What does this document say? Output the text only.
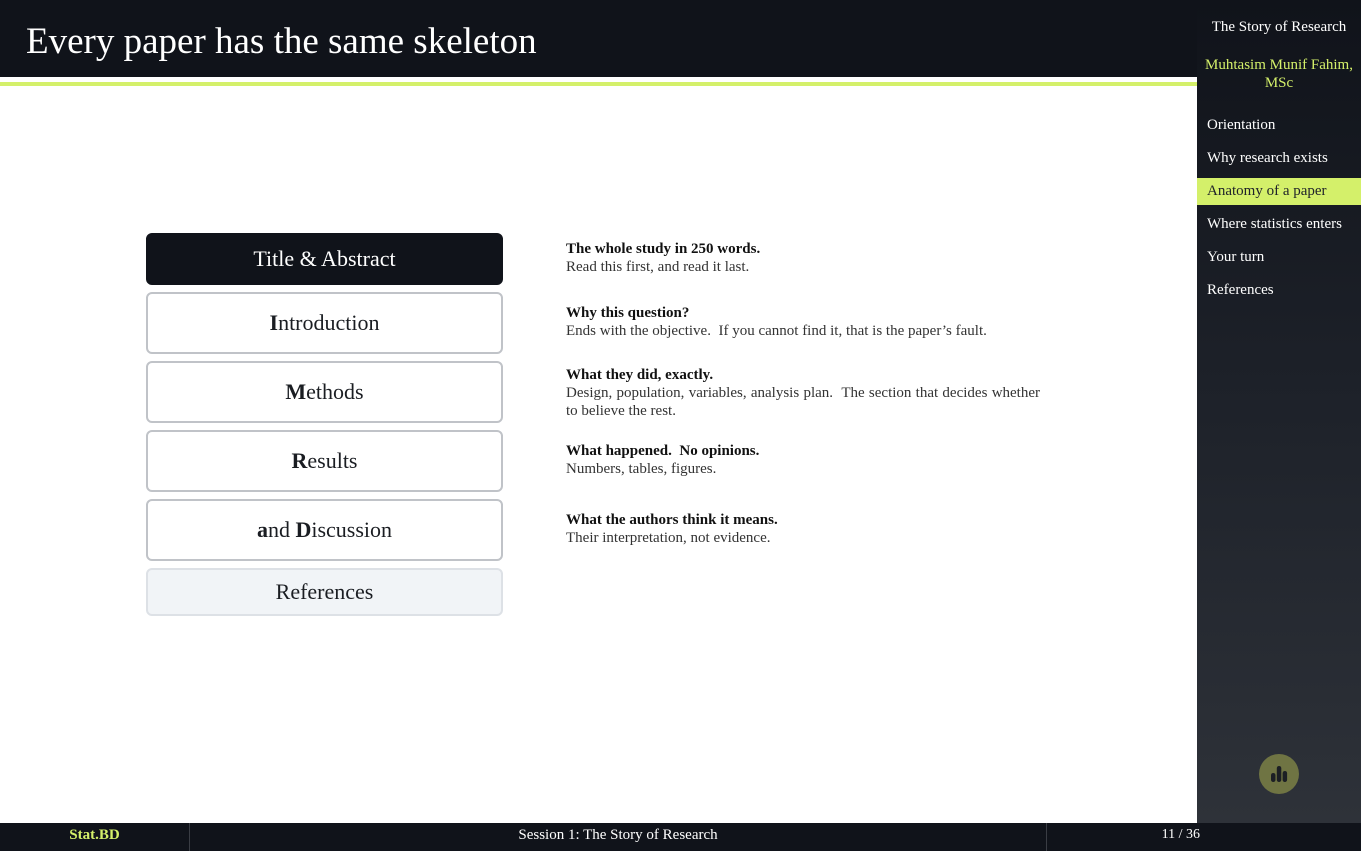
Every paper has the same skeleton
Title & Abstract
Introduction
Methods
Results
and Discussion
References
The whole study in 250 words.
Read this first, and read it last.
Why this question?
Ends with the objective.  If you cannot find it, that is the paper’s fault.
What they did, exactly.
Design, population, variables, analysis plan.  The section that decides whether to believe the rest.
What happened.  No opinions.
Numbers, tables, figures.
What the authors think it means.
Their interpretation, not evidence.
The Story of Research
Muhtasim Munif Fahim, MSc
Orientation
Why research exists
Anatomy of a paper
Where statistics enters
Your turn
References
Stat.BD	Session 1: The Story of Research	11 / 36
